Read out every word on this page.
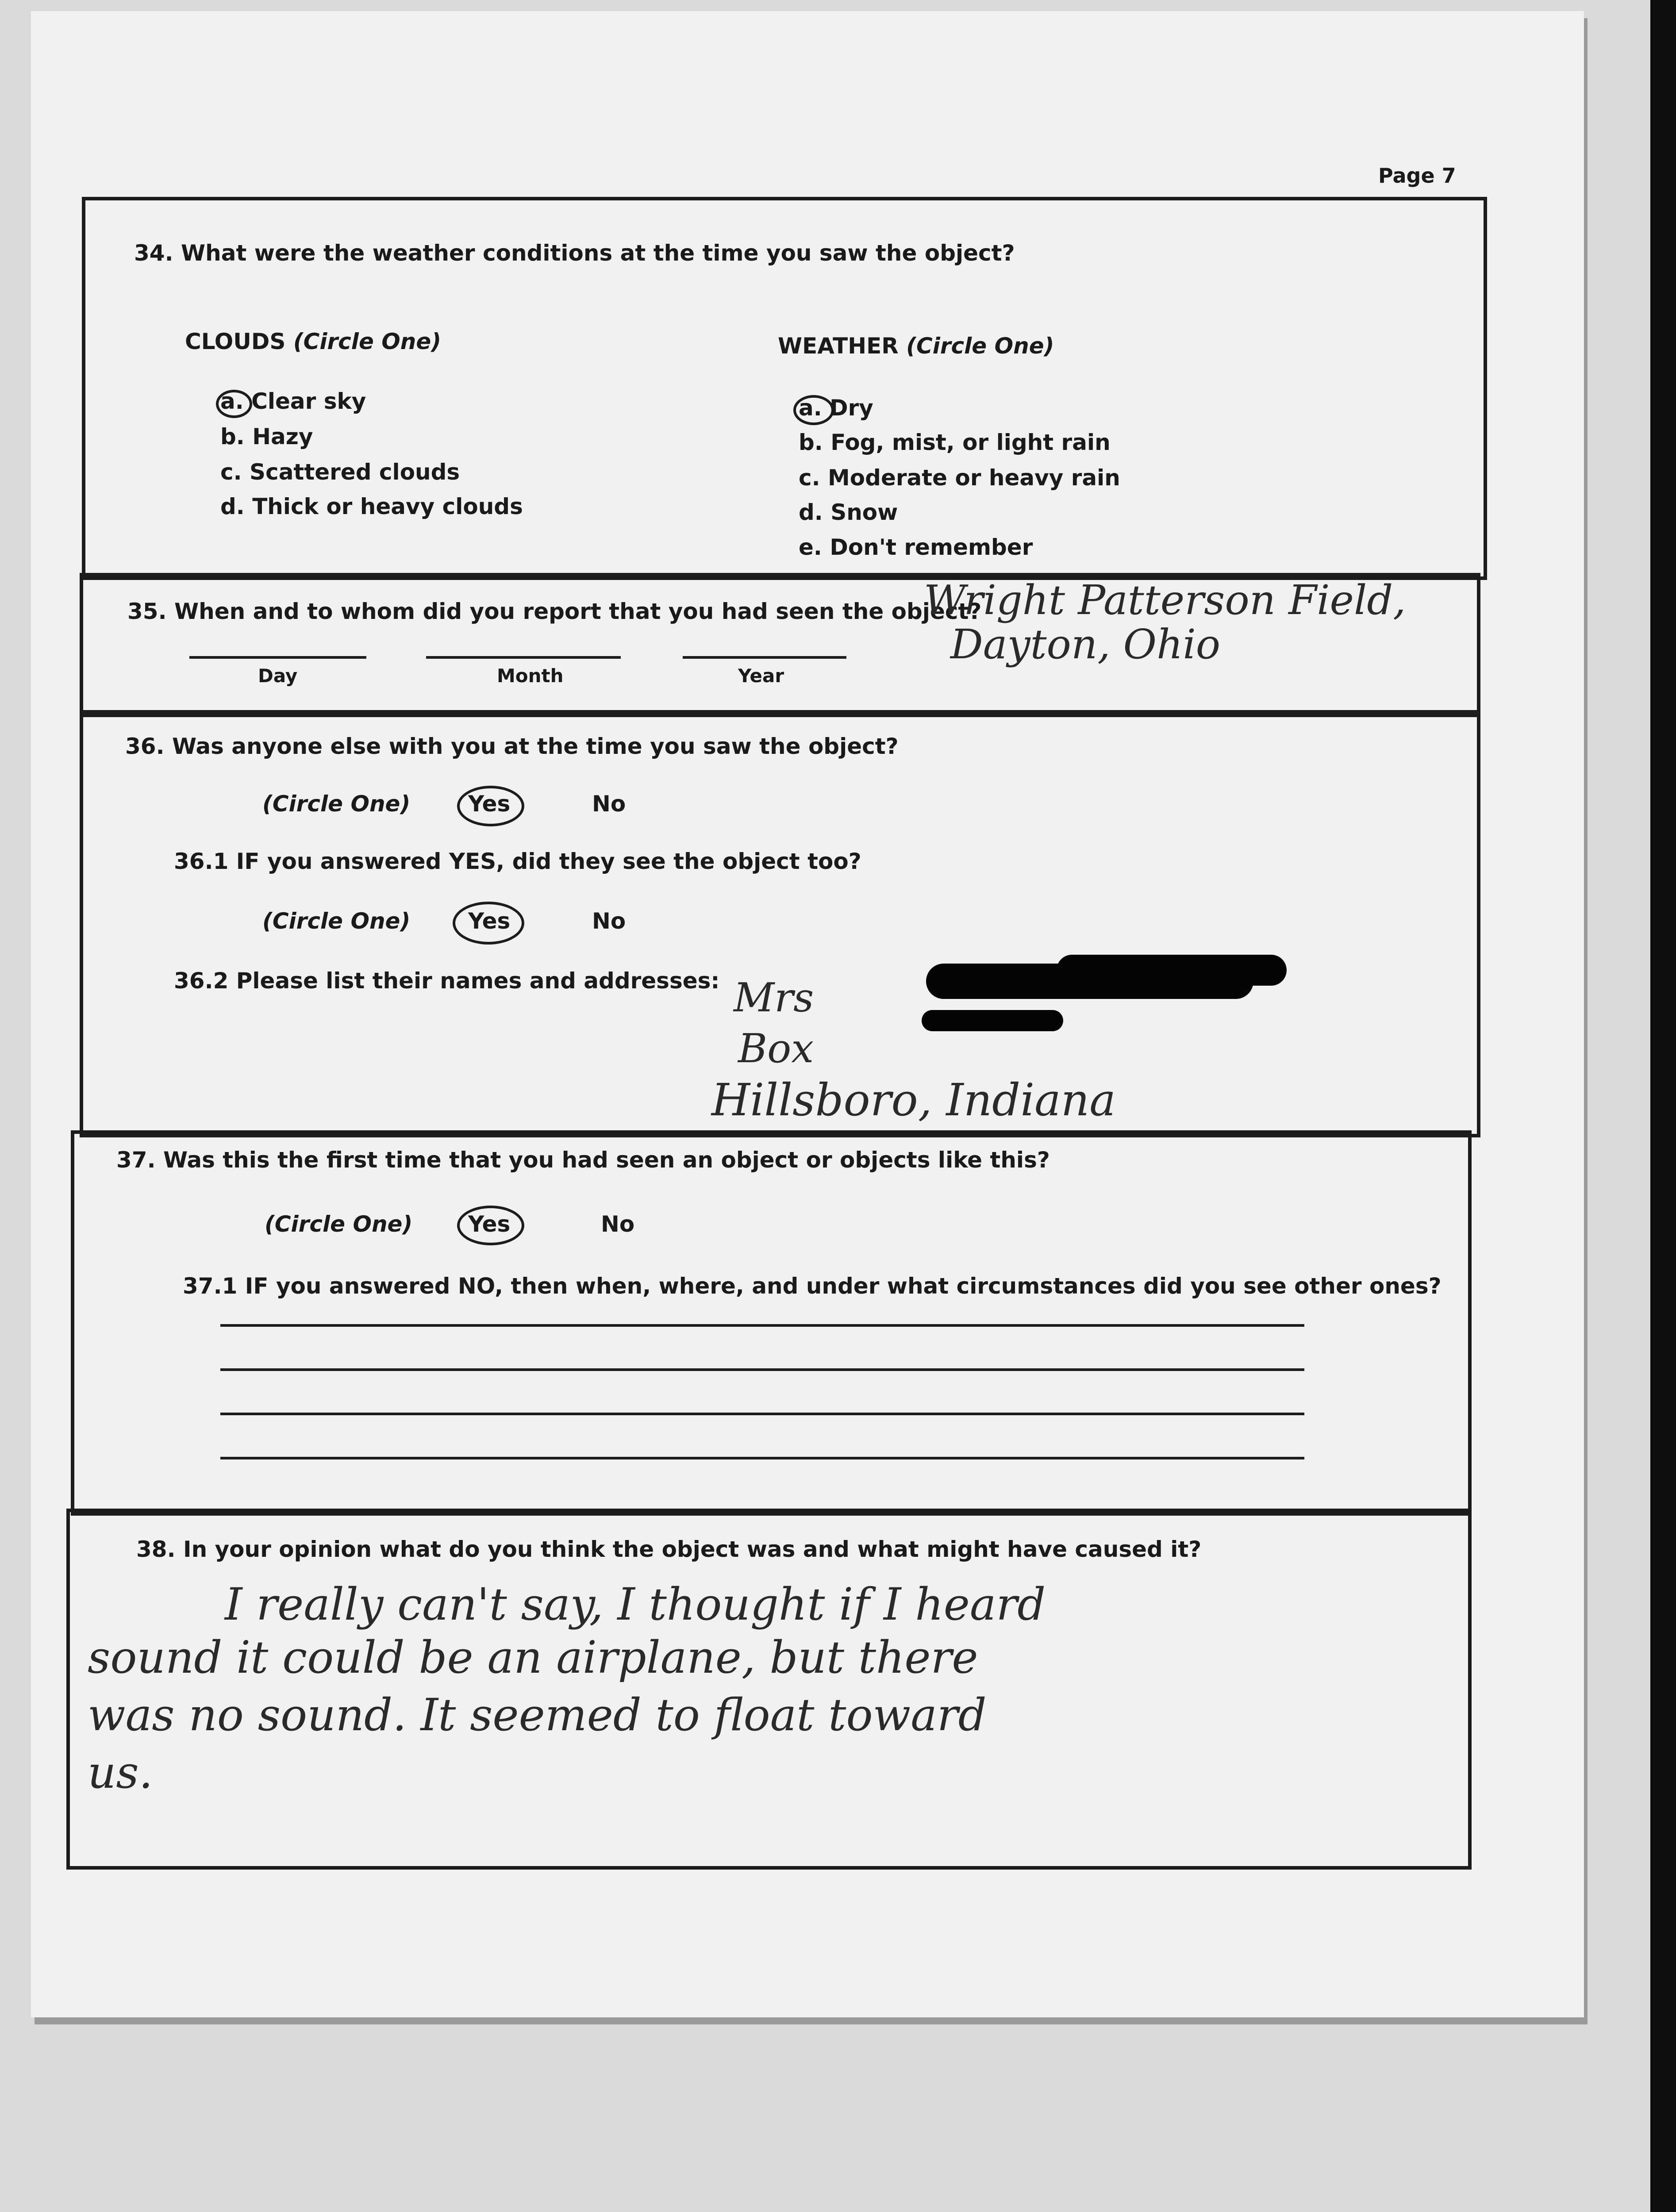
Page 7
34. What were the weather conditions at the time you saw the object?
CLOUDS (Circle One)
a. Clear sky
b. Hazy
c. Scattered clouds
d. Thick or heavy clouds
WEATHER (Circle One)
a. Dry
b. Fog, mist, or light rain
c. Moderate or heavy rain
d. Snow
e. Don't remember
35. When and to whom did you report that you had seen the object?
Day	Month	Year
Wright Patterson Field,
Dayton, Ohio
36. Was anyone else with you at the time you saw the object?
(Circle One)	Yes	No
36.1 IF you answered YES, did they see the object too?
(Circle One)	Yes	No
36.2 Please list their names and addresses: Mrs
Box
Hillsboro, Indiana
37. Was this the first time that you had seen an object or objects like this?
(Circle One)	Yes	No
37.1 IF you answered NO, then when, where, and under what circumstances did you see other ones?
38. In your opinion what do you think the object was and what might have caused it?
I really can't say, I thought if I heard
sound it could be an airplane, but there
was no sound. It seemed to float toward
us.
